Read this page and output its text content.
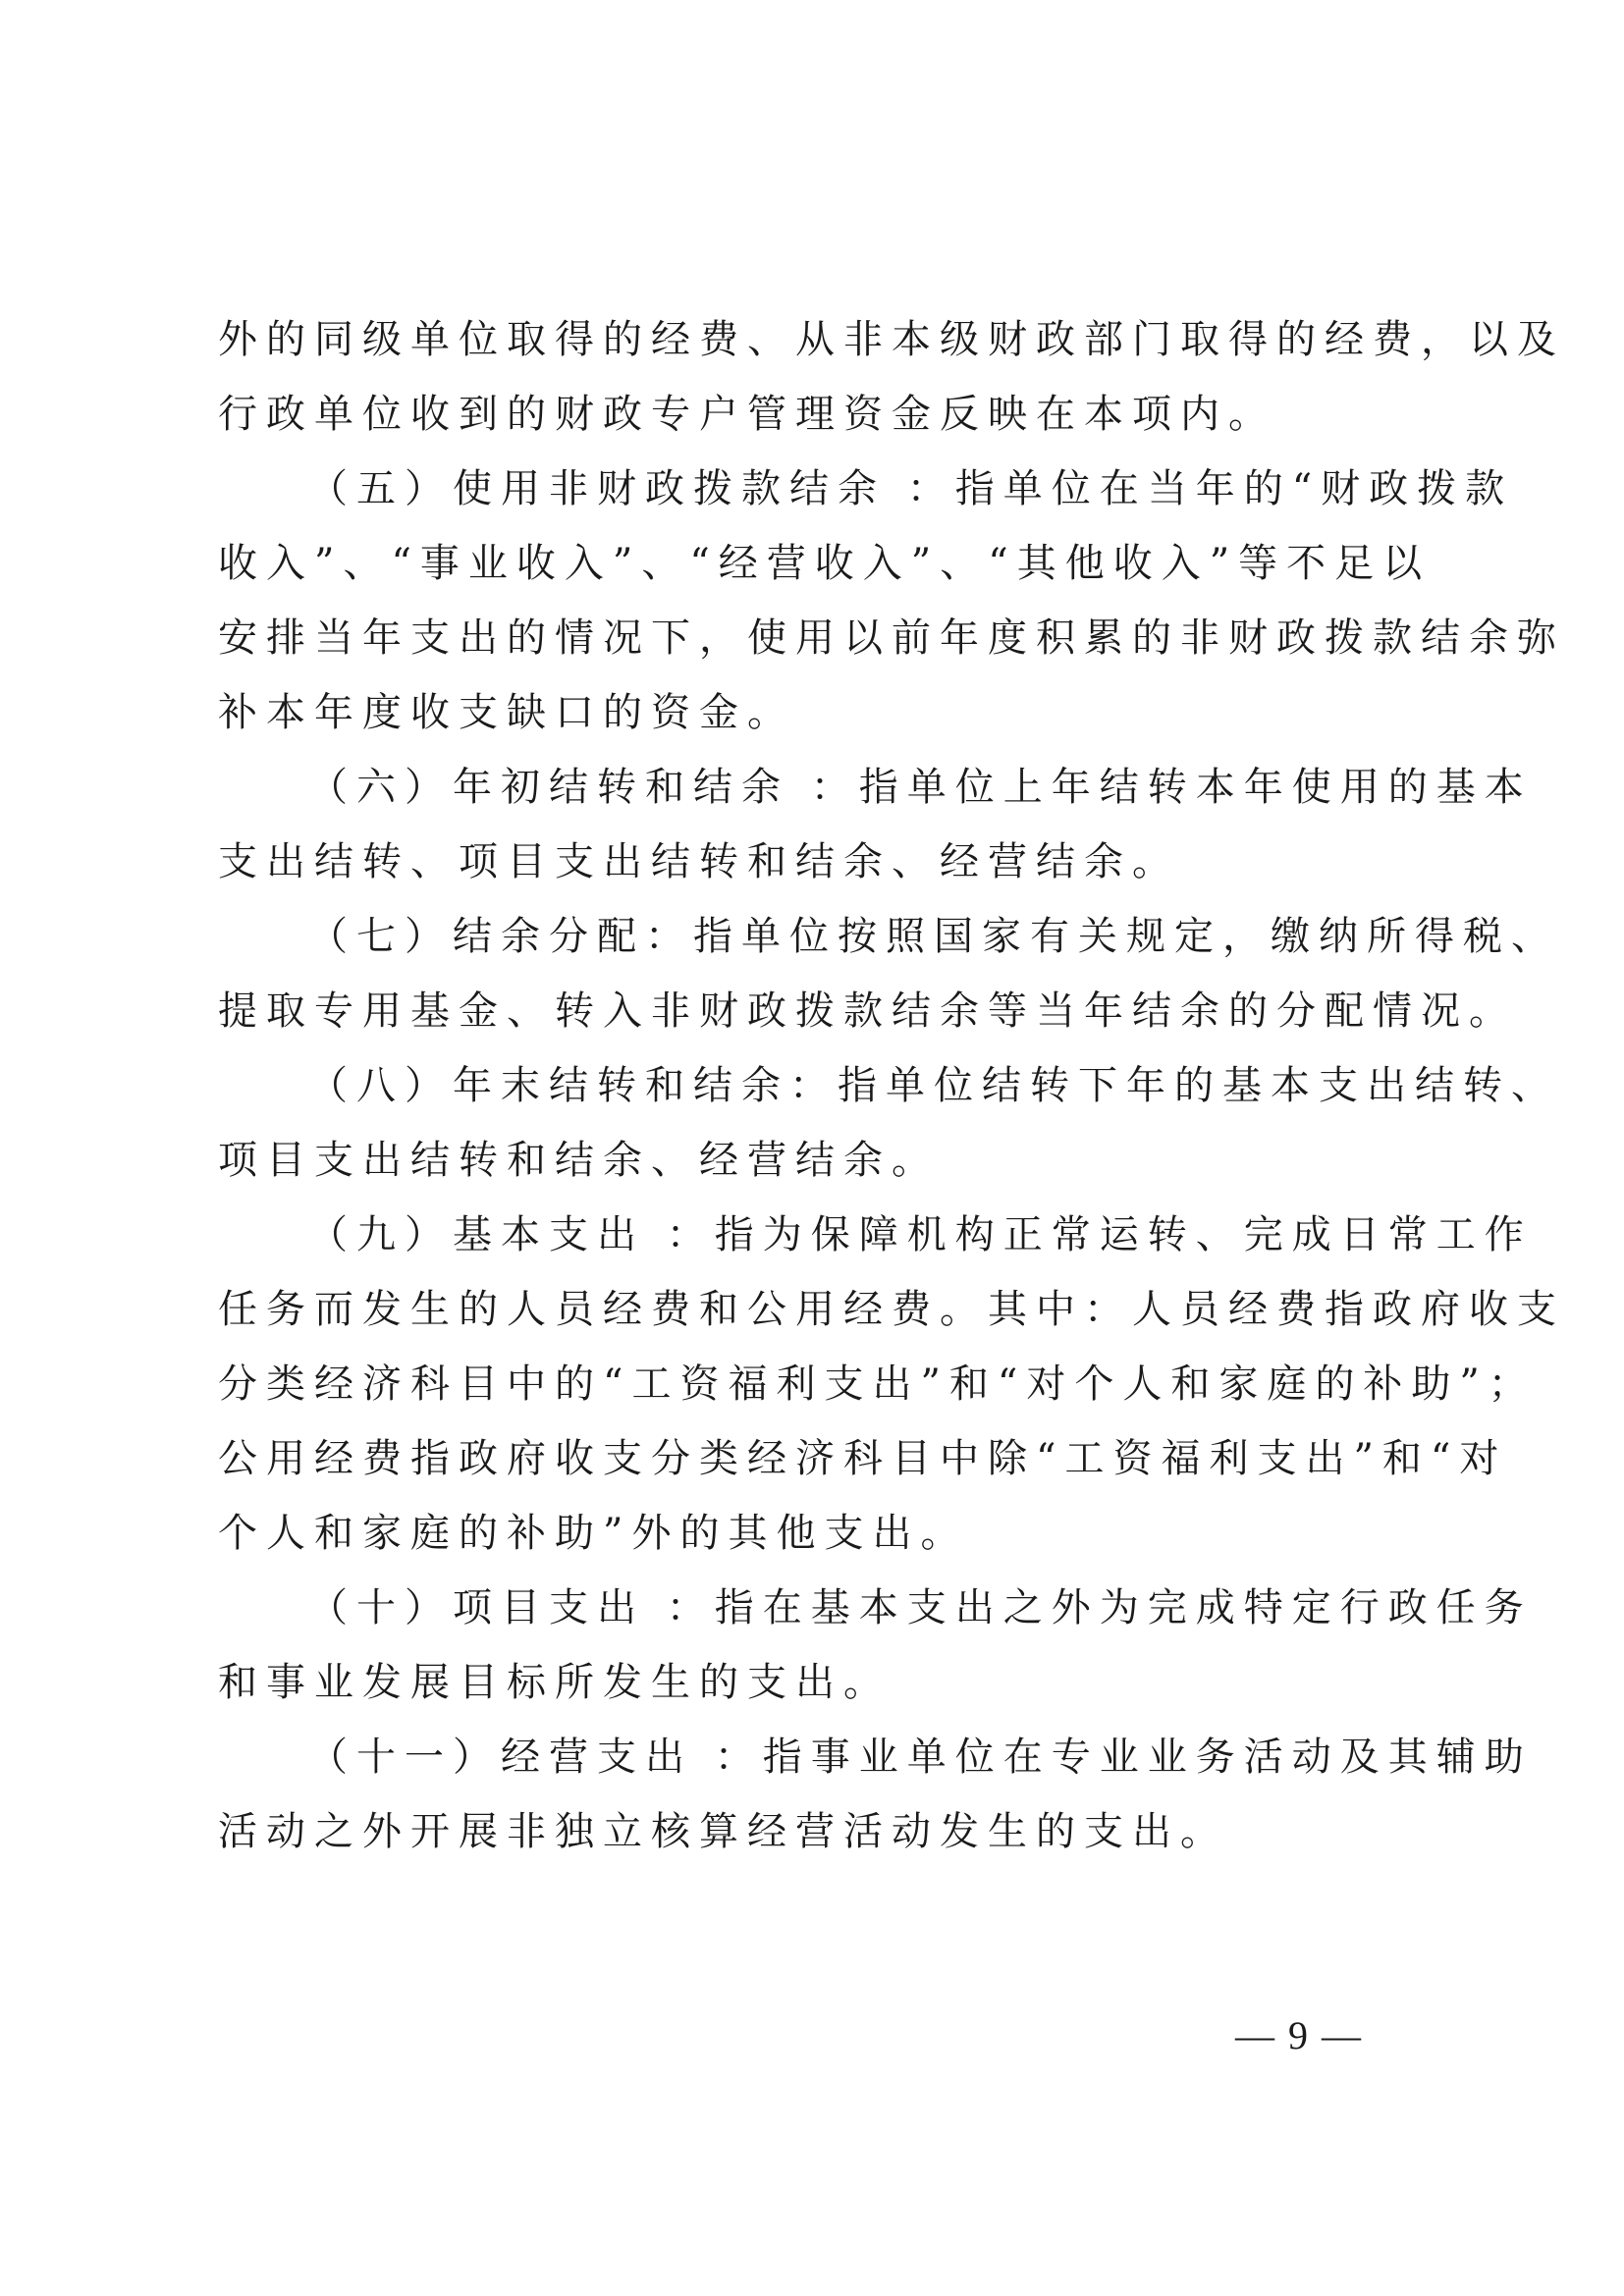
外的同级单位取得的经费、从非本级财政部门取得的经费，以及
行政单位收到的财政专户管理资金反映在本项内。
（五）使用非财政拨款结余 ：指单位在当年的“财政拨款
收入”、“事业收入”、“经营收入”、“其他收入”等不足以
安排当年支出的情况下，使用以前年度积累的非财政拨款结余弥
补本年度收支缺口的资金。
（六）年初结转和结余 ：指单位上年结转本年使用的基本
支出结转、项目支出结转和结余、经营结余。
（七）结余分配：指单位按照国家有关规定，缴纳所得税、
提取专用基金、转入非财政拨款结余等当年结余的分配情况。
（八）年末结转和结余：指单位结转下年的基本支出结转、
项目支出结转和结余、经营结余。
（九）基本支出 ：指为保障机构正常运转、完成日常工作
任务而发生的人员经费和公用经费。其中：人员经费指政府收支
分类经济科目中的“工资福利支出”和“对个人和家庭的补助”；
公用经费指政府收支分类经济科目中除“工资福利支出”和“对
个人和家庭的补助”外的其他支出。
（十）项目支出 ：指在基本支出之外为完成特定行政任务
和事业发展目标所发生的支出。
（十一）经营支出 ：指事业单位在专业业务活动及其辅助
活动之外开展非独立核算经营活动发生的支出。
— 9 —
